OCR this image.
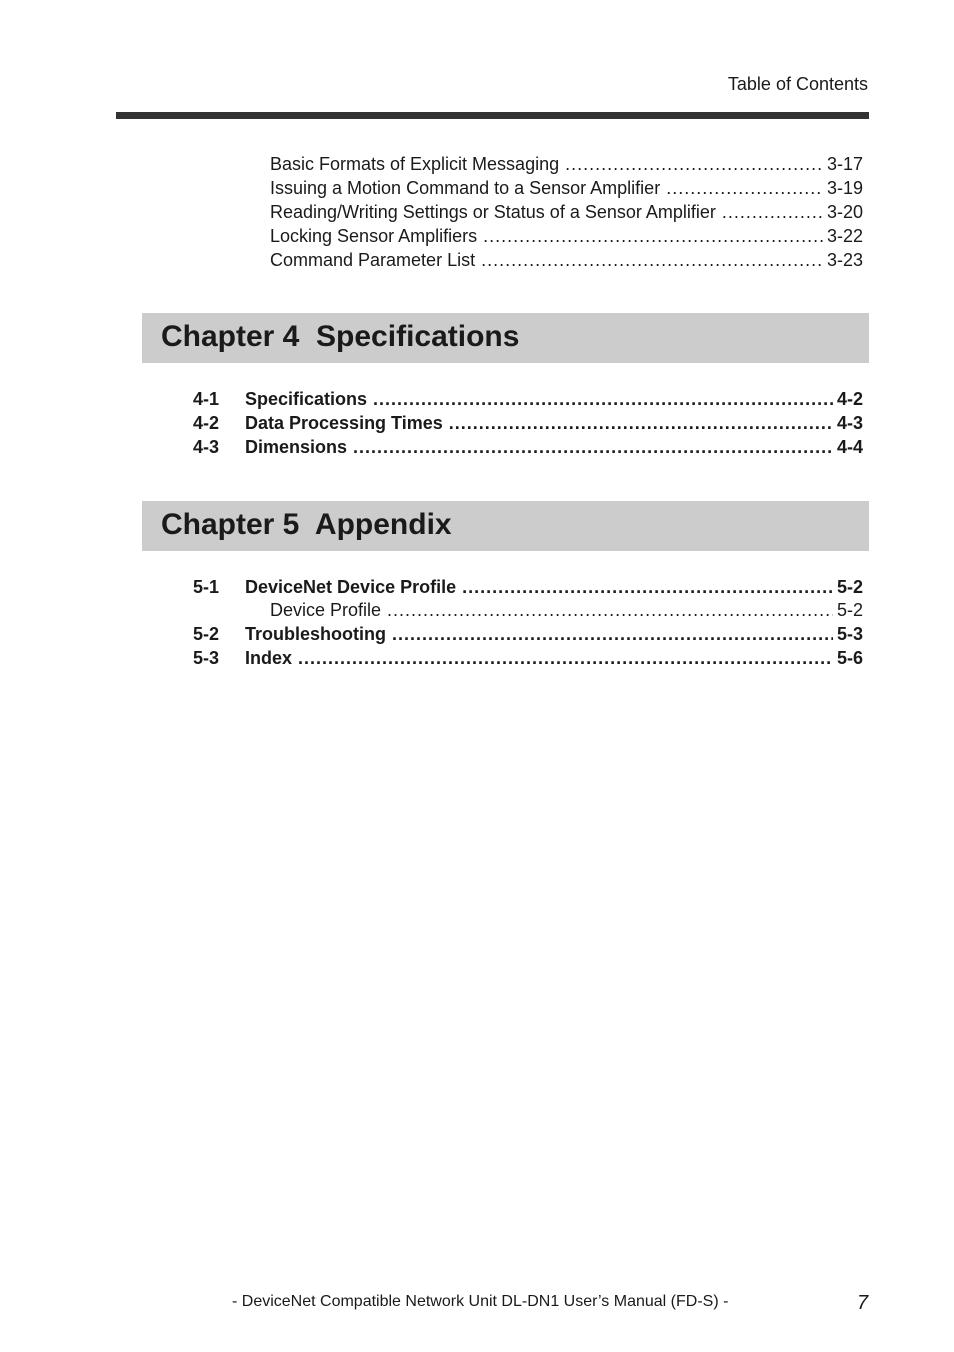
Table of Contents
Basic Formats of Explicit Messaging .....	3-17
Issuing a Motion Command to a Sensor Amplifier .....	3-19
Reading/Writing Settings or Status of a Sensor Amplifier .....	3-20
Locking Sensor Amplifiers .....	3-22
Command Parameter List .....	3-23
Chapter 4  Specifications
4-1	Specifications .....	4-2
4-2	Data Processing Times .....	4-3
4-3	Dimensions .....	4-4
Chapter 5  Appendix
5-1	DeviceNet Device Profile .....	5-2
Device Profile .....	5-2
5-2	Troubleshooting .....	5-3
5-3	Index .....	5-6
- DeviceNet Compatible Network Unit DL-DN1 User’s Manual (FD-S) -	7
